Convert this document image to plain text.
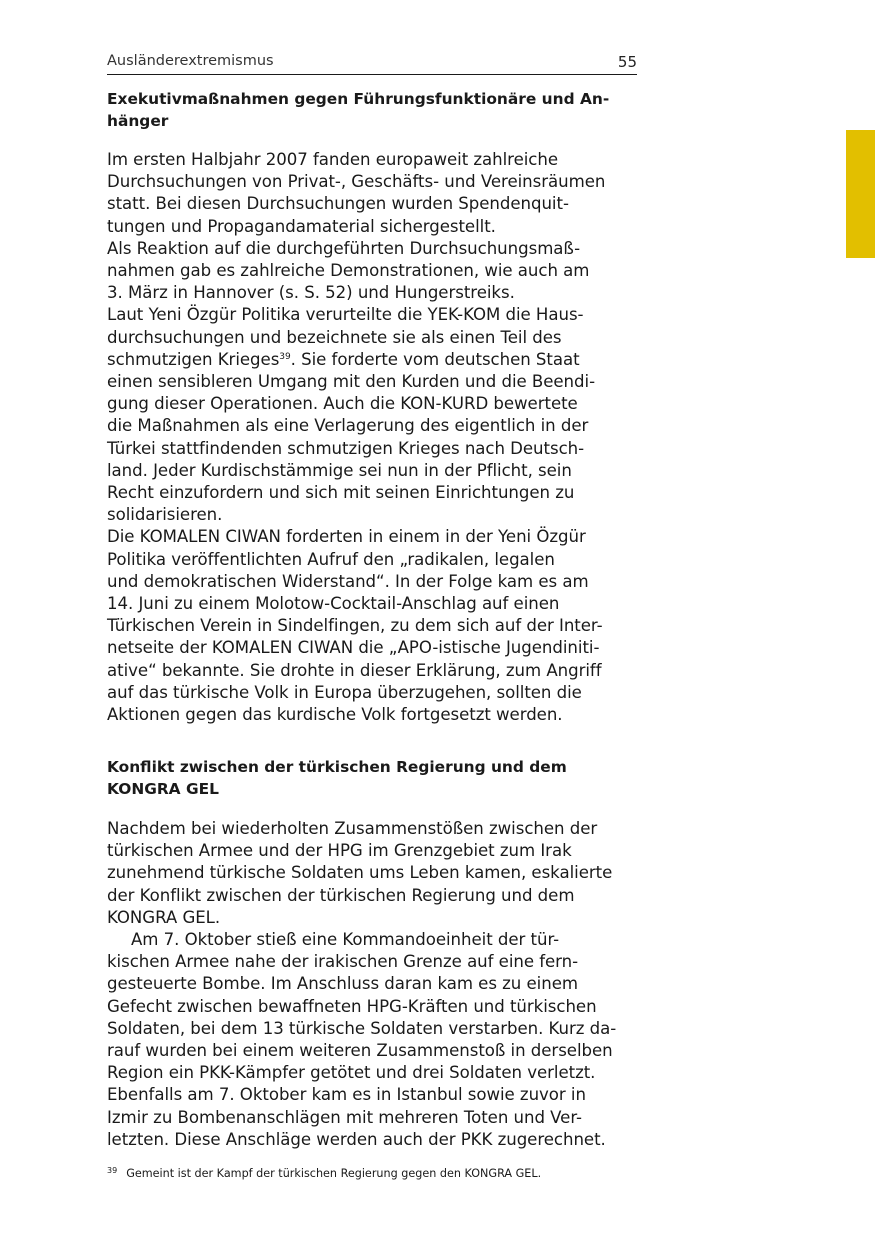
Ausländerextremismus	55

Exekutivmaßnahmen gegen Führungsfunktionäre und An-
hänger

Im ersten Halbjahr 2007 fanden europaweit zahlreiche
Durchsuchungen von Privat-, Geschäfts- und Vereinsräumen
statt. Bei diesen Durchsuchungen wurden Spendenquit-
tungen und Propagandamaterial sichergestellt.
Als Reaktion auf die durchgeführten Durchsuchungsmaß-
nahmen gab es zahlreiche Demonstrationen, wie auch am
3. März in Hannover (s. S. 52) und Hungerstreiks.
Laut Yeni Özgür Politika verurteilte die YEK-KOM die Haus-
durchsuchungen und bezeichnete sie als einen Teil des
schmutzigen Krieges$^{39}$. Sie forderte vom deutschen Staat
einen sensibleren Umgang mit den Kurden und die Beendi-
gung dieser Operationen. Auch die KON-KURD bewertete
die Maßnahmen als eine Verlagerung des eigentlich in der
Türkei stattfindenden schmutzigen Krieges nach Deutsch-
land. Jeder Kurdischstämmige sei nun in der Pflicht, sein
Recht einzufordern und sich mit seinen Einrichtungen zu
solidarisieren.
Die KOMALEN CIWAN forderten in einem in der Yeni Özgür
Politika veröffentlichten Aufruf den „radikalen, legalen
und demokratischen Widerstand“. In der Folge kam es am
14. Juni zu einem Molotow-Cocktail-Anschlag auf einen
Türkischen Verein in Sindelfingen, zu dem sich auf der Inter-
netseite der KOMALEN CIWAN die „APO-istische Jugendiniti-
ative“ bekannte. Sie drohte in dieser Erklärung, zum Angriff
auf das türkische Volk in Europa überzugehen, sollten die
Aktionen gegen das kurdische Volk fortgesetzt werden.

Konflikt zwischen der türkischen Regierung und dem
KONGRA GEL

Nachdem bei wiederholten Zusammenstößen zwischen der
türkischen Armee und der HPG im Grenzgebiet zum Irak
zunehmend türkische Soldaten ums Leben kamen, eskalierte
der Konflikt zwischen der türkischen Regierung und dem
KONGRA GEL.

Am 7. Oktober stieß eine Kommandoeinheit der tür-
kischen Armee nahe der irakischen Grenze auf eine fern-
gesteuerte Bombe. Im Anschluss daran kam es zu einem
Gefecht zwischen bewaffneten HPG-Kräften und türkischen
Soldaten, bei dem 13 türkische Soldaten verstarben. Kurz da-
rauf wurden bei einem weiteren Zusammenstoß in derselben
Region ein PKK-Kämpfer getötet und drei Soldaten verletzt.
Ebenfalls am 7. Oktober kam es in Istanbul sowie zuvor in
Izmir zu Bombenanschlägen mit mehreren Toten und Ver-
letzten. Diese Anschläge werden auch der PKK zugerechnet.

$^{39}$ Gemeint ist der Kampf der türkischen Regierung gegen den KONGRA GEL.
